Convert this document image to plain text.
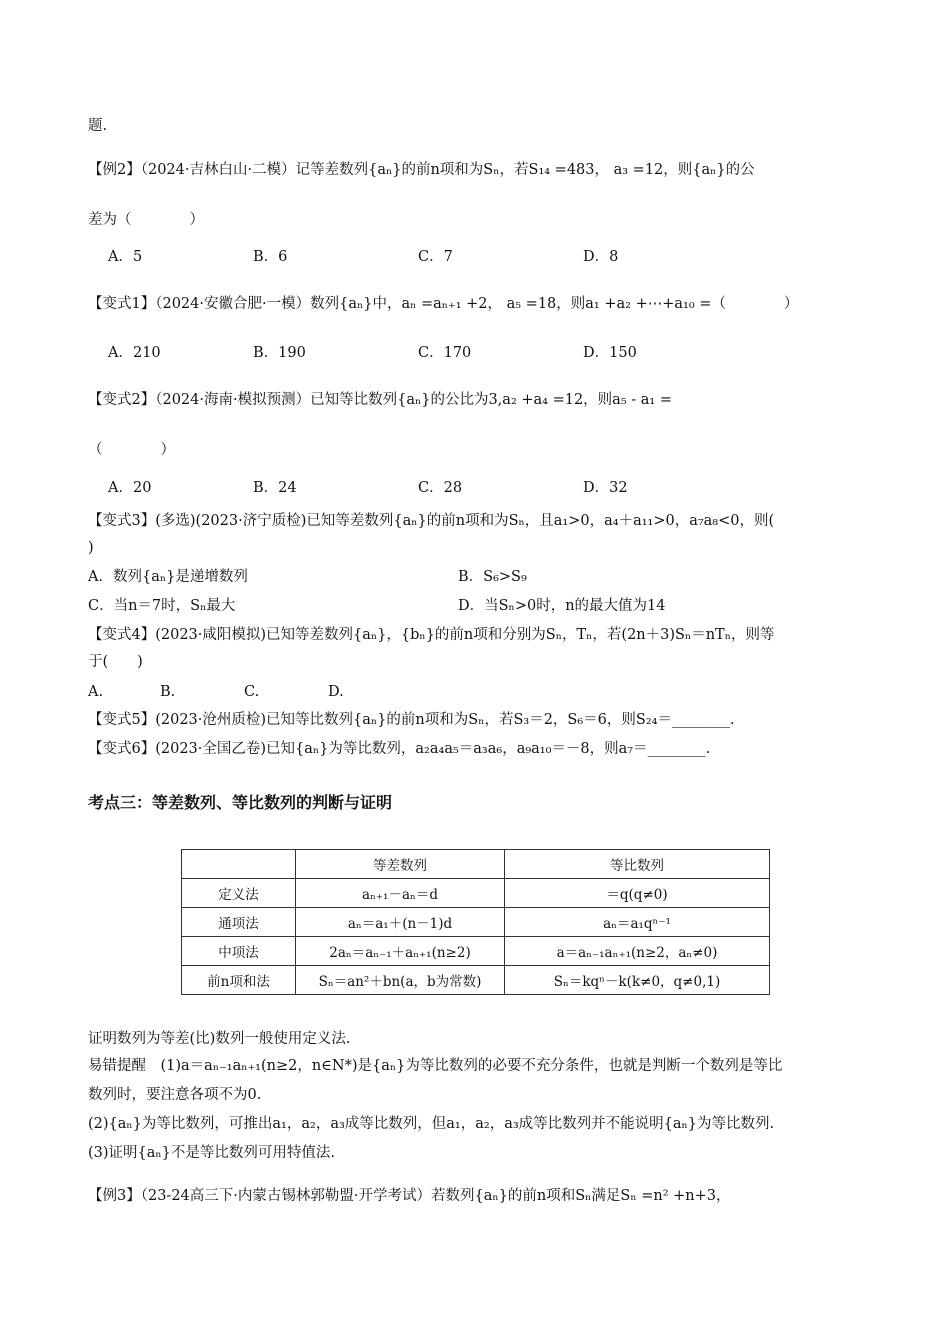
题.
【例2】（2024·吉林白山·二模）记等差数列{aₙ}的前n项和为Sₙ，若S₁₄ =483， a₃ =12，则{aₙ}的公
差为（　　　　）
A．5	B．6	C．7	D．8
【变式1】（2024·安徽合肥·一模）数列{aₙ}中，aₙ =aₙ₊₁ +2， a₅ =18，则a₁ +a₂ +⋯+a₁₀ =（　　　　）
A．210	B．190	C．170	D．150
【变式2】（2024·海南·模拟预测）已知等比数列{aₙ}的公比为3,a₂ +a₄ =12，则a₅ - a₁ =
（　　　　）
A．20	B．24	C．28	D．32
【变式3】(多选)(2023·济宁质检)已知等差数列{aₙ}的前n项和为Sₙ，且a₁>0，a₄＋a₁₁>0，a₇a₈<0，则(
)
A．数列{aₙ}是递增数列	B．S₆>S₉
C．当n＝7时，Sₙ最大	D．当Sₙ>0时，n的最大值为14
【变式4】(2023·咸阳模拟)已知等差数列{aₙ}，{bₙ}的前n项和分别为Sₙ，Tₙ，若(2n＋3)Sₙ＝nTₙ，则等
于(　　)
A.	B.	C.	D.
【变式5】(2023·沧州质检)已知等比数列{aₙ}的前n项和为Sₙ，若S₃＝2，S₆＝6，则S₂₄＝________.
【变式6】(2023·全国乙卷)已知{aₙ}为等比数列，a₂a₄a₅＝a₃a₆，a₉a₁₀＝－8，则a₇＝________.
考点三：等差数列、等比数列的判断与证明
	等差数列	等比数列
定义法	aₙ₊₁－aₙ＝d	＝q(q≠0)
通项法	aₙ＝a₁＋(n－1)d	aₙ＝a₁qⁿ⁻¹
中项法	2aₙ＝aₙ₋₁＋aₙ₊₁(n≥2)	a＝aₙ₋₁aₙ₊₁(n≥2，aₙ≠0)
前n项和法	Sₙ＝an²＋bn(a，b为常数)	Sₙ＝kqⁿ－k(k≠0，q≠0,1)
证明数列为等差(比)数列一般使用定义法.
易错提醒　(1)a＝aₙ₋₁aₙ₊₁(n≥2，n∈N*)是{aₙ}为等比数列的必要不充分条件，也就是判断一个数列是等比
数列时，要注意各项不为0.
(2){aₙ}为等比数列，可推出a₁，a₂，a₃成等比数列，但a₁，a₂，a₃成等比数列并不能说明{aₙ}为等比数列.
(3)证明{aₙ}不是等比数列可用特值法.
【例3】（23-24高三下·内蒙古锡林郭勒盟·开学考试）若数列{aₙ}的前n项和Sₙ满足Sₙ =n² +n+3，
